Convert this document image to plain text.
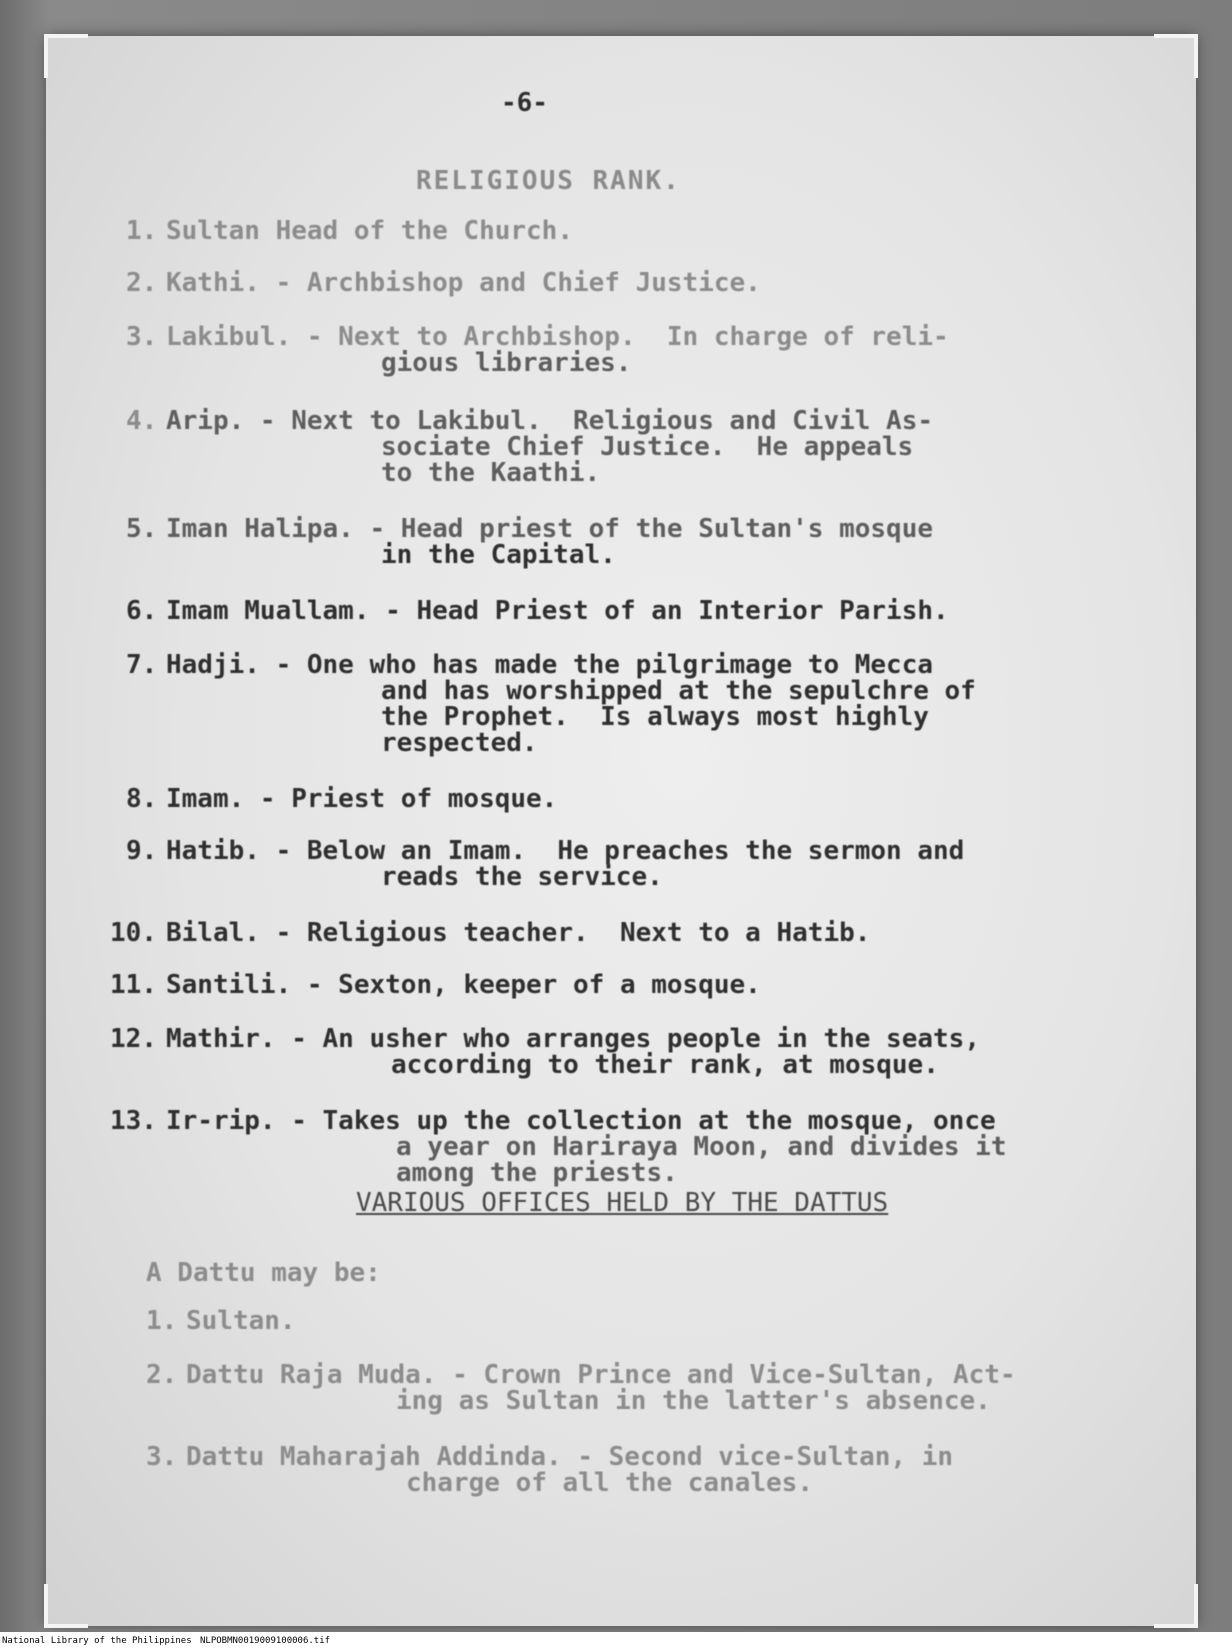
-6-
RELIGIOUS RANK.
1. Sultan Head of the Church.
2. Kathi. - Archbishop and Chief Justice.
3. Lakibul. - Next to Archbishop.  In charge of reli-
gious libraries.
4. Arip. - Next to Lakibul.  Religious and Civil As-
sociate Chief Justice.  He appeals
to the Kaathi.
5. Iman Halipa. - Head priest of the Sultan's mosque
in the Capital.
6. Imam Muallam. - Head Priest of an Interior Parish.
7. Hadji. - One who has made the pilgrimage to Mecca
and has worshipped at the sepulchre of
the Prophet.  Is always most highly
respected.
8. Imam. - Priest of mosque.
9. Hatib. - Below an Imam.  He preaches the sermon and
reads the service.
10. Bilal. - Religious teacher.  Next to a Hatib.
11. Santili. - Sexton, keeper of a mosque.
12. Mathir. - An usher who arranges people in the seats,
according to their rank, at mosque.
13. Ir-rip. - Takes up the collection at the mosque, once
a year on Hariraya Moon, and divides it
among the priests.
VARIOUS OFFICES HELD BY THE DATTUS
A Dattu may be:
1. Sultan.
2. Dattu Raja Muda. - Crown Prince and Vice-Sultan, Act-
ing as Sultan in the latter's absence.
3. Dattu Maharajah Addinda. - Second vice-Sultan, in
charge of all the canales.
National Library of the Philippines NLPOBMN0019009100006.tif
